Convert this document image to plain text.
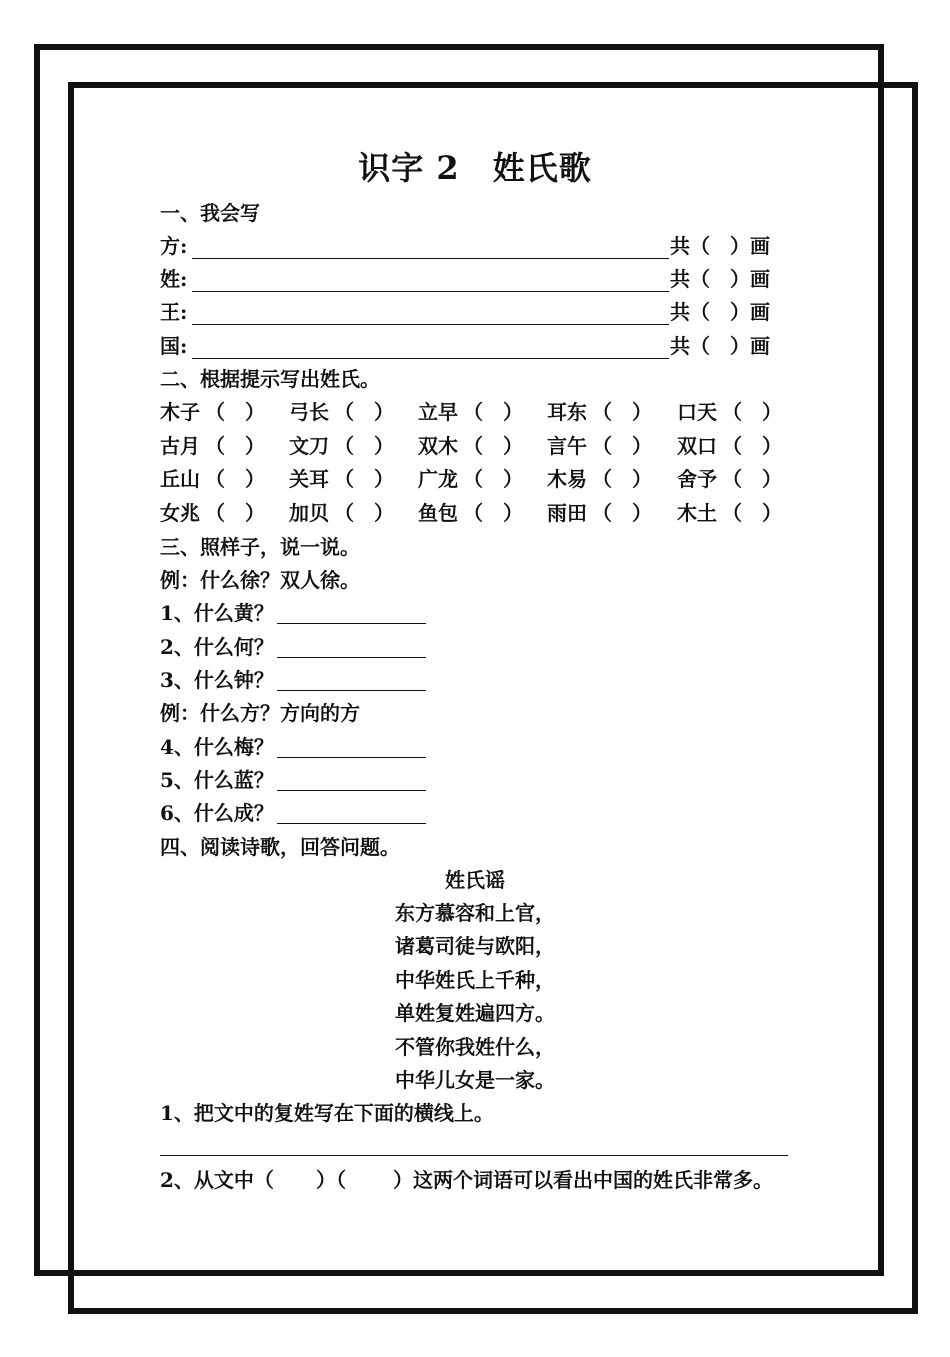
识字 2　姓氏歌
一、我会写
方:	共（　）画
姓:	共（　）画
王:	共（　）画
国:	共（　）画
二、根据提示写出姓氏。
木子 （　） 弓长 （　） 立早 （　） 耳东 （　） 口天 （　）
古月 （　） 文刀 （　） 双木 （　） 言午 （　） 双口 （　）
丘山 （　） 关耳 （　） 广龙 （　） 木易 （　） 舍予 （　）
女兆 （　） 加贝 （　） 鱼包 （　） 雨田 （　） 木土 （　）
三、照样子，说一说。
例：什么徐？双人徐。
1、什么黄？
2、什么何？
3、什么钟？
例：什么方？方向的方
4、什么梅？
5、什么蓝？
6、什么成？
四、阅读诗歌，回答问题。
姓氏谣
东方慕容和上官，
诸葛司徒与欧阳，
中华姓氏上千种，
单姓复姓遍四方。
不管你我姓什么，
中华儿女是一家。
1、把文中的复姓写在下面的横线上。
2、从文中（ ）（ ）这两个词语可以看出中国的姓氏非常多。
